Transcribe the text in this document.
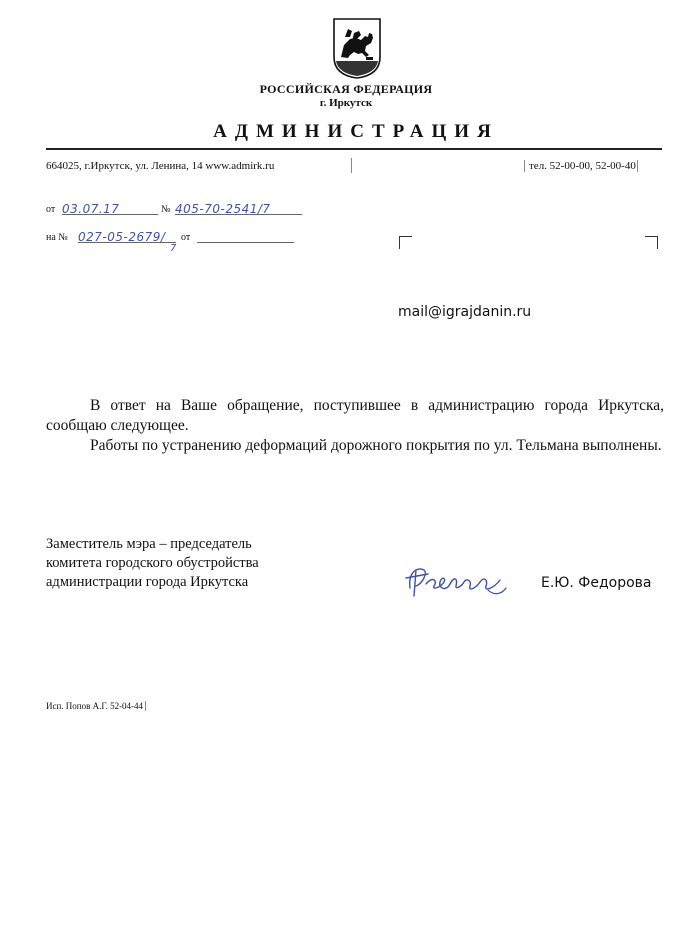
РОССИЙСКАЯ ФЕДЕРАЦИЯ
г. Иркутск
АДМИНИСТРАЦИЯ
664025, г.Иркутск, ул. Ленина, 14 www.admirk.ru	тел. 52-00-00, 52-00-40
от 03.07.17	№ 405-70-2541/7
на № 027-05-2679/
7
от
mail@igrajdanin.ru

В ответ на Ваше обращение, поступившее в администрацию города Иркутска, сообщаю следующее.

Работы по устранению деформаций дорожного покрытия по ул. Тельмана выполнены.

Заместитель мэра – председатель
комитета городского обустройства
администрации города Иркутска	Е.Ю. Федорова
Исп. Попов А.Г. 52-04-44
